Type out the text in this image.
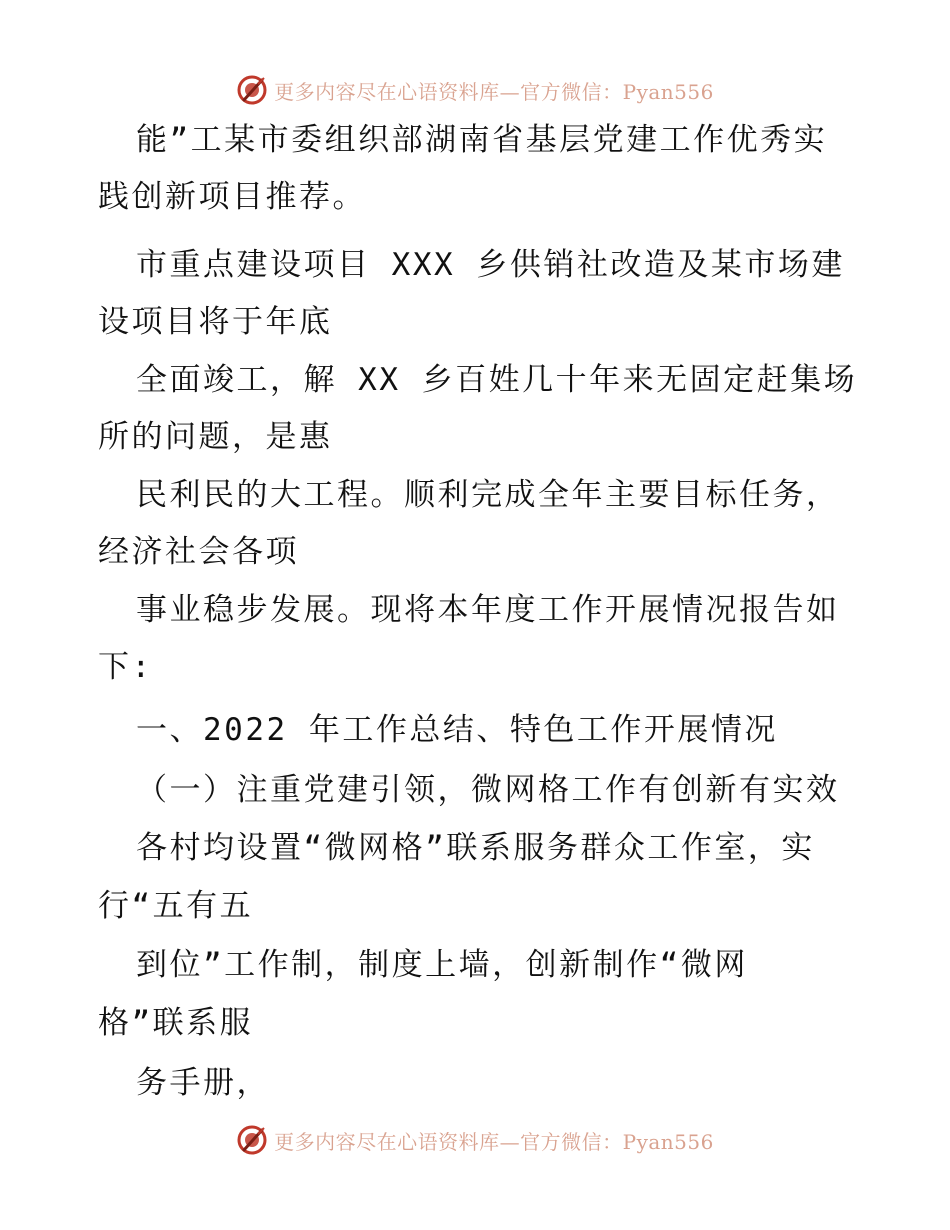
更多内容尽在心语资料库—官方微信：Pyan556
能”工某市委组织部湖南省基层党建工作优秀实
践创新项目推荐。
市重点建设项目 XXX 乡供销社改造及某市场建
设项目将于年底
全面竣工，解 XX 乡百姓几十年来无固定赶集场
所的问题，是惠
民利民的大工程。顺利完成全年主要目标任务，
经济社会各项
事业稳步发展。现将本年度工作开展情况报告如
下:
一、2022 年工作总结、特色工作开展情况
（一）注重党建引领，微网格工作有创新有实效
各村均设置“微网格”联系服务群众工作室，实
行“五有五
到位”工作制，制度上墙，创新制作“微网
格”联系服
务手册，
更多内容尽在心语资料库—官方微信：Pyan556
